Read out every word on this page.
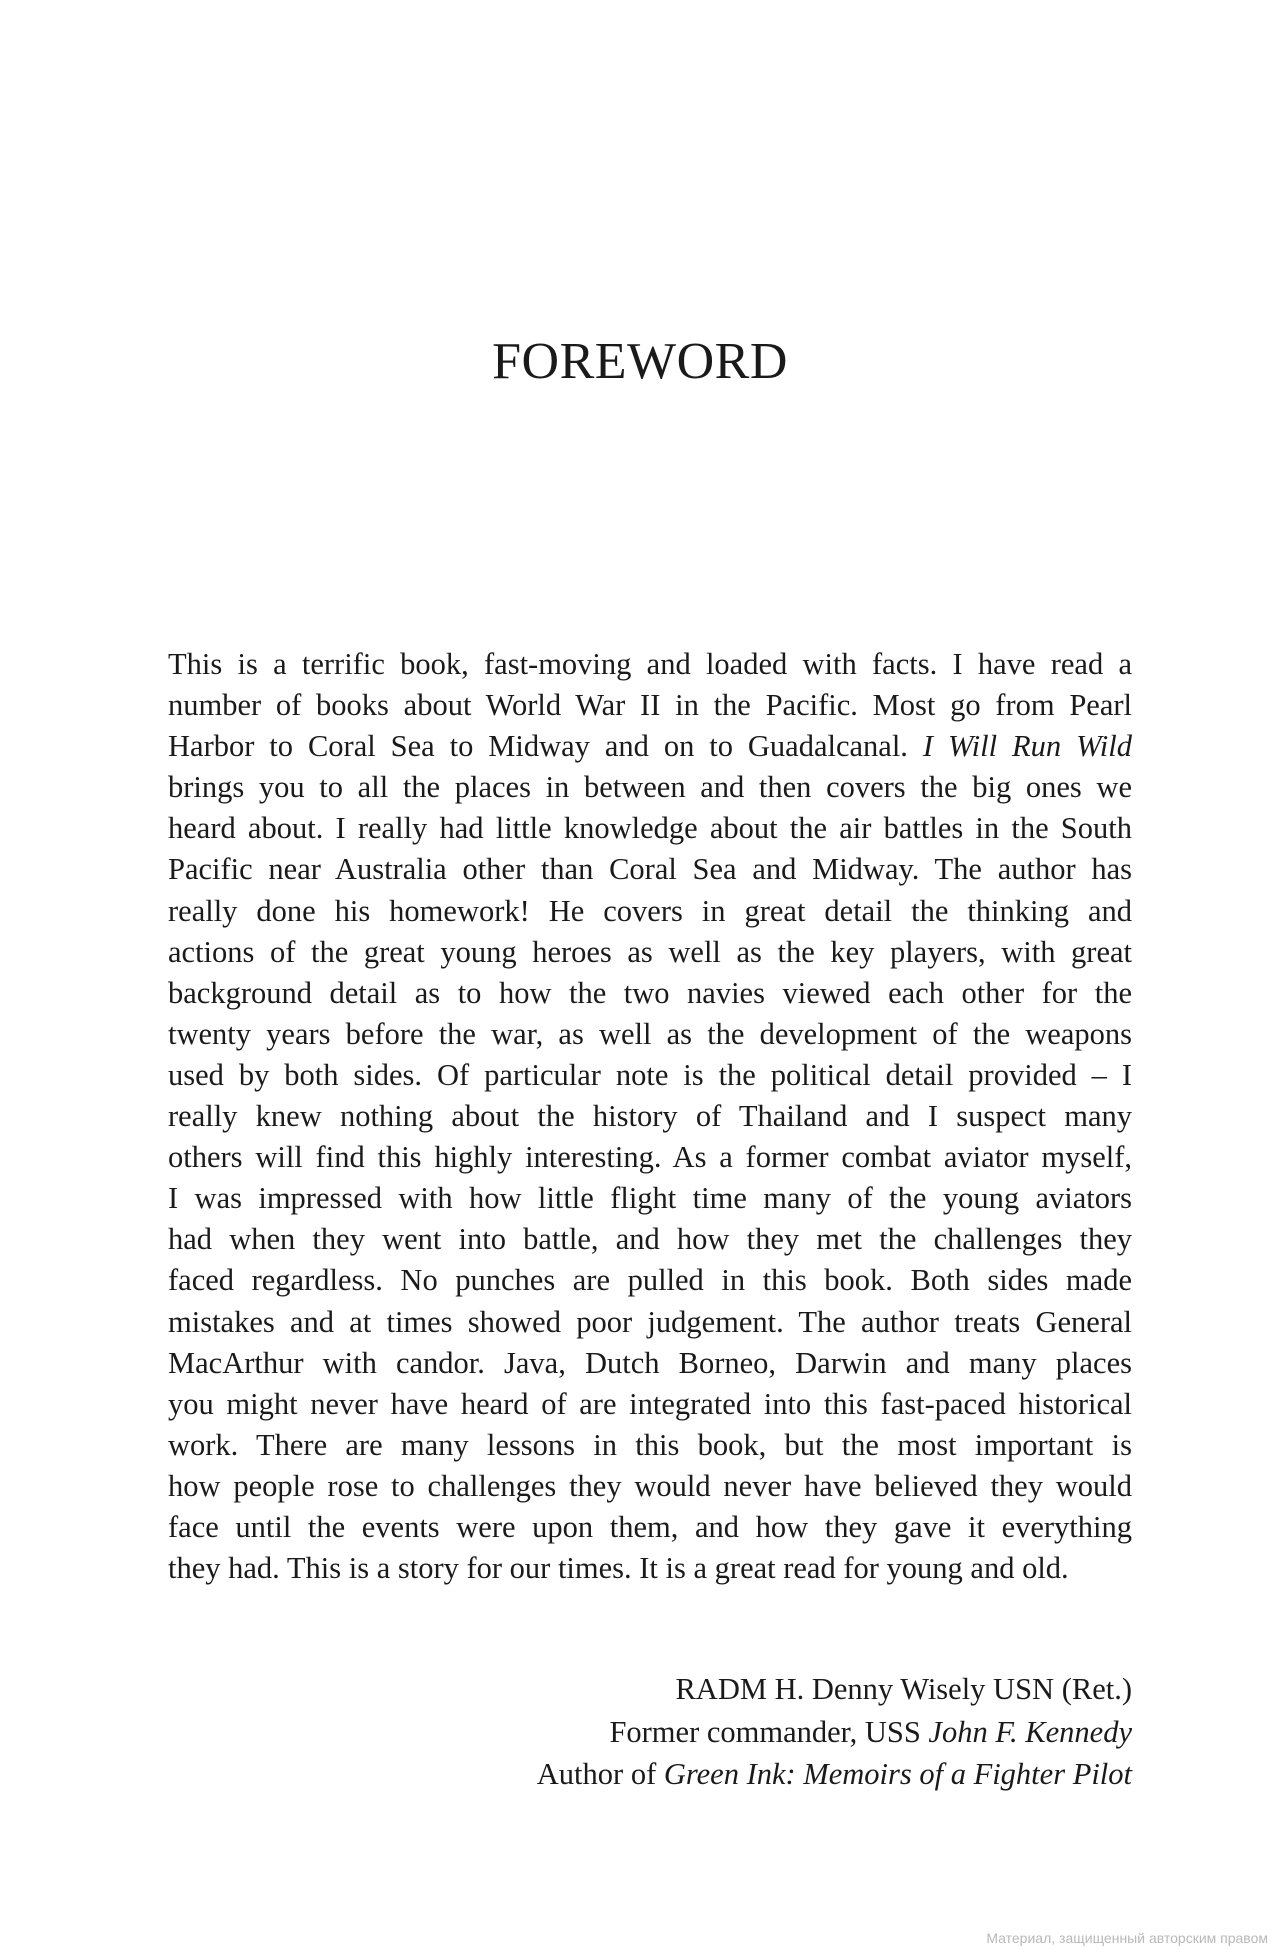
FOREWORD
This is a terrific book, fast-moving and loaded with facts. I have read a
number of books about World War II in the Pacific. Most go from Pearl
Harbor to Coral Sea to Midway and on to Guadalcanal. I Will Run Wild
brings you to all the places in between and then covers the big ones we
heard about. I really had little knowledge about the air battles in the South
Pacific near Australia other than Coral Sea and Midway. The author has
really done his homework! He covers in great detail the thinking and
actions of the great young heroes as well as the key players, with great
background detail as to how the two navies viewed each other for the
twenty years before the war, as well as the development of the weapons
used by both sides. Of particular note is the political detail provided – I
really knew nothing about the history of Thailand and I suspect many
others will find this highly interesting. As a former combat aviator myself,
I was impressed with how little flight time many of the young aviators
had when they went into battle, and how they met the challenges they
faced regardless. No punches are pulled in this book. Both sides made
mistakes and at times showed poor judgement. The author treats General
MacArthur with candor. Java, Dutch Borneo, Darwin and many places
you might never have heard of are integrated into this fast-paced historical
work. There are many lessons in this book, but the most important is
how people rose to challenges they would never have believed they would
face until the events were upon them, and how they gave it everything
they had. This is a story for our times. It is a great read for young and old.
RADM H. Denny Wisely USN (Ret.)
Former commander, USS John F. Kennedy
Author of Green Ink: Memoirs of a Fighter Pilot
Материал, защищенный авторским правом
